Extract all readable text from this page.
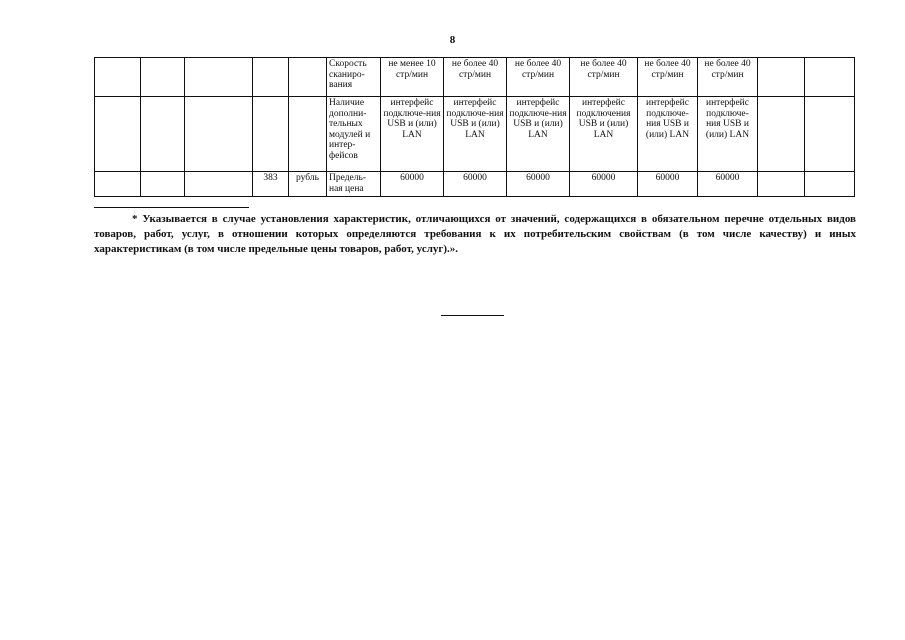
8
					Скорость сканиро-вания	не менее 10 стр/мин	не более 40 стр/мин	не более 40 стр/мин	не более 40 стр/мин	не более 40 стр/мин	не более 40 стр/мин		
					Наличие дополни-тельных модулей и интер-фейсов	интерфейс подключе-ния USB и (или) LAN	интерфейс подключе-ния USB и (или) LAN	интерфейс подключе-ния USB и (или) LAN	интерфейс подключения USB и (или) LAN	интерфейс подключе-ния USB и (или) LAN	интерфейс подключе-ния USB и (или) LAN		
			383	рубль	Предель-ная цена	60000	60000	60000	60000	60000	60000		
* Указывается в случае установления характеристик, отличающихся от значений, содержащихся в обязательном перечне отдельных видов товаров, работ, услуг, в отношении которых определяются требования к их потребительским свойствам (в том числе качеству) и иных характеристикам (в том числе предельные цены товаров, работ, услуг).».
